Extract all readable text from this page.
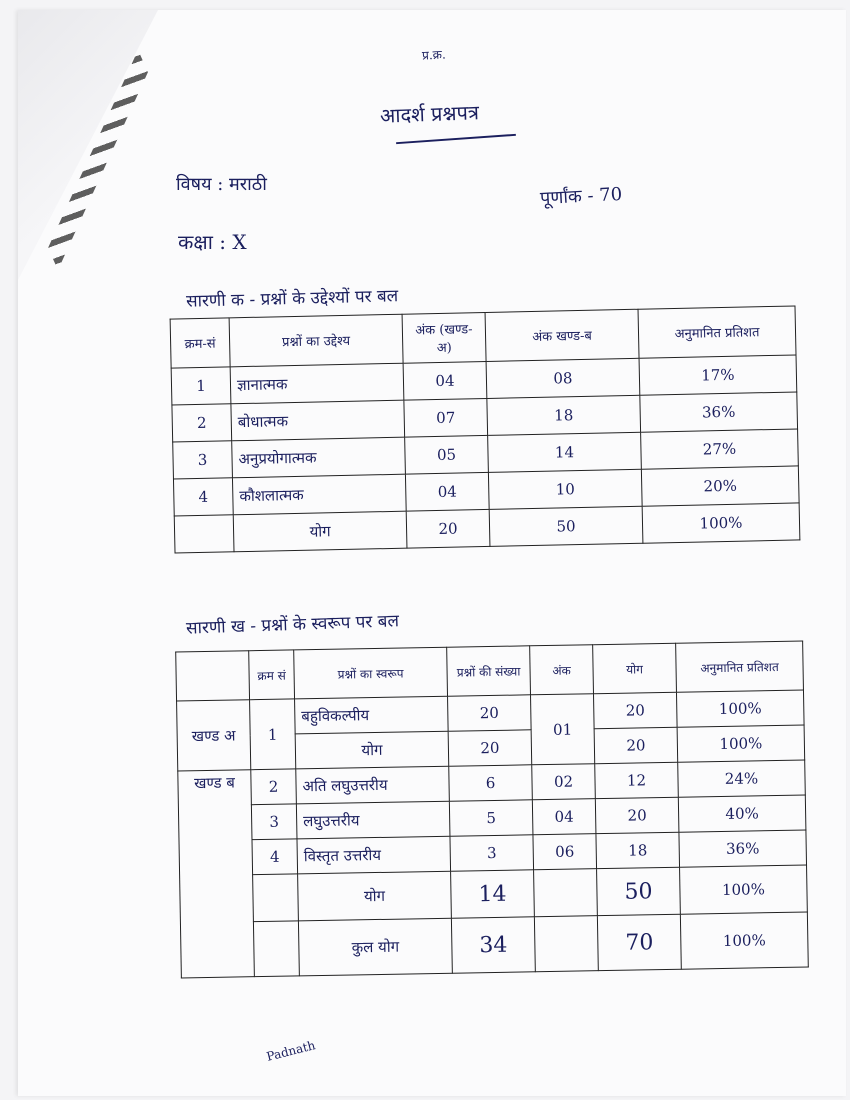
प्र.क्र.
आदर्श प्रश्नपत्र
विषय : मराठी	पूर्णांक - 70
कक्षा : X
सारणी क - प्रश्नों के उद्देश्यों पर बल
क्रम-सं	प्रश्नों का उद्देश्य	अंक (खण्ड-अ)	अंक खण्ड-ब	अनुमानित प्रतिशत
1	ज्ञानात्मक	04	08	17%
2	बोधात्मक	07	18	36%
3	अनुप्रयोगात्मक	05	14	27%
4	कौशलात्मक	04	10	20%
	योग	20	50	100%
सारणी ख - प्रश्नों के स्वरूप पर बल
	क्रम सं	प्रश्नों का स्वरूप	प्रश्नों की संख्या	अंक	योग	अनुमानित प्रतिशत
खण्ड अ	1	बहुविकल्पीय	20	01	20	100%
		योग	20		20	100%
खण्ड ब	2	अति लघुउत्तरीय	6	02	12	24%
	3	लघुउत्तरीय	5	04	20	40%
	4	विस्तृत उत्तरीय	3	06	18	36%
		योग	14		50	100%
		कुल योग	34		70	100%
Padnath
